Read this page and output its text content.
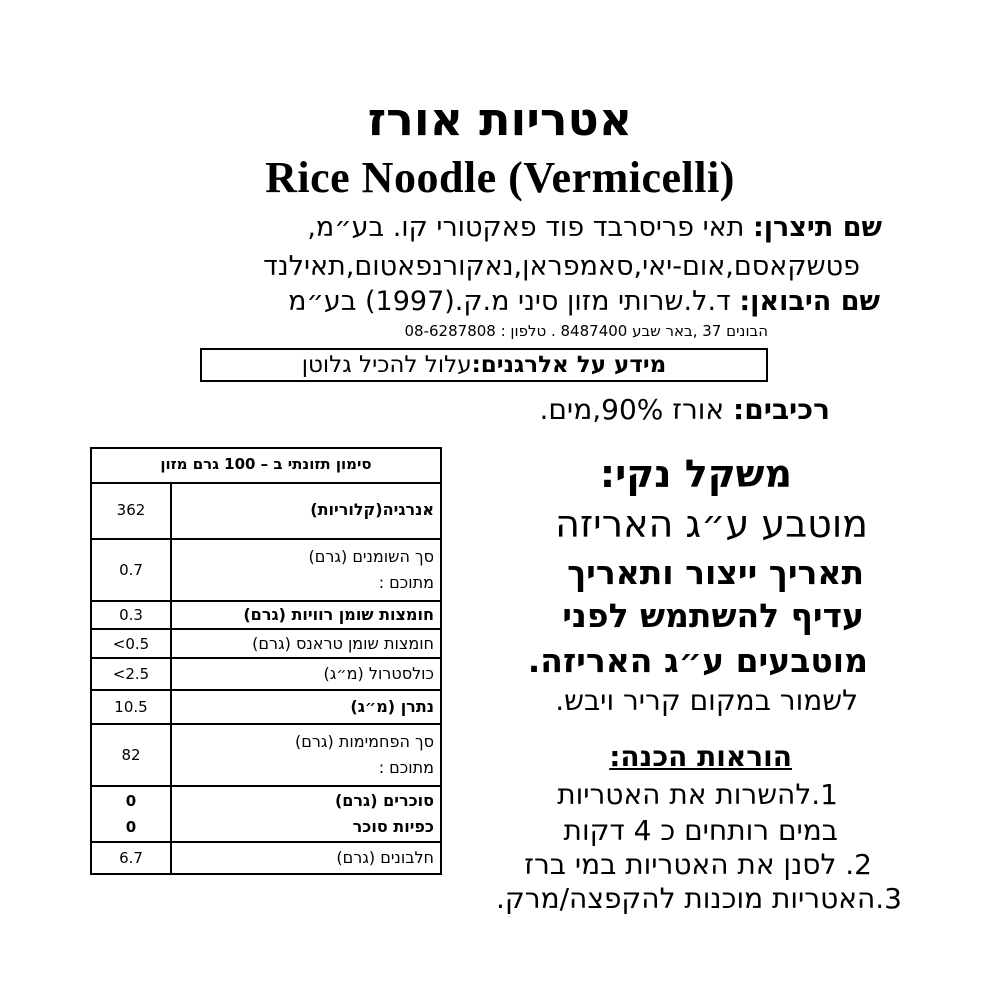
אטריות אורז
Rice Noodle (Vermicelli)
שם תיצרן: תאי פריסרבד פוד פאקטורי קו. בע״מ,
פטשקאסם,אום-יאי,סאמפראן,נאקורנפאטום,תאילנד
שם היבואן: ד.ל.שרותי מזון סיני מ.ק.(1997) בע״מ
הבונים 37 ,באר שבע 8487400 . טלפון : 08-6287808
מידע על אלרגנים:עלול להכיל גלוטן
רכיבים: אורז 90%,מים.
סימון תזונתי ב – 100 גרם מזון
אנרגיה(קלוריות)
362
סך השומנים (גרם)
מתוכם :
0.7
חומצות שומן רוויות (גרם)
0.3
חומצות שומן טראנס (גרם)
<0.5
כולסטרול (מ״ג)
<2.5
נתרן (מ״ג)
10.5
סך הפחמימות (גרם)
מתוכם :
82
סוכרים (גרם)
כפיות סוכר
0
0
חלבונים (גרם)
6.7
משקל נקי:
מוטבע ע״ג האריזה
תאריך ייצור ותאריך
עדיף להשתמש לפני
מוטבעים ע״ג האריזה.
לשמור במקום קריר ויבש.
הוראות הכנה:
1.להשרות את האטריות
במים רותחים כ 4 דקות
2. לסנן את האטריות במי ברז
3.האטריות מוכנות להקפצה/מרק.
